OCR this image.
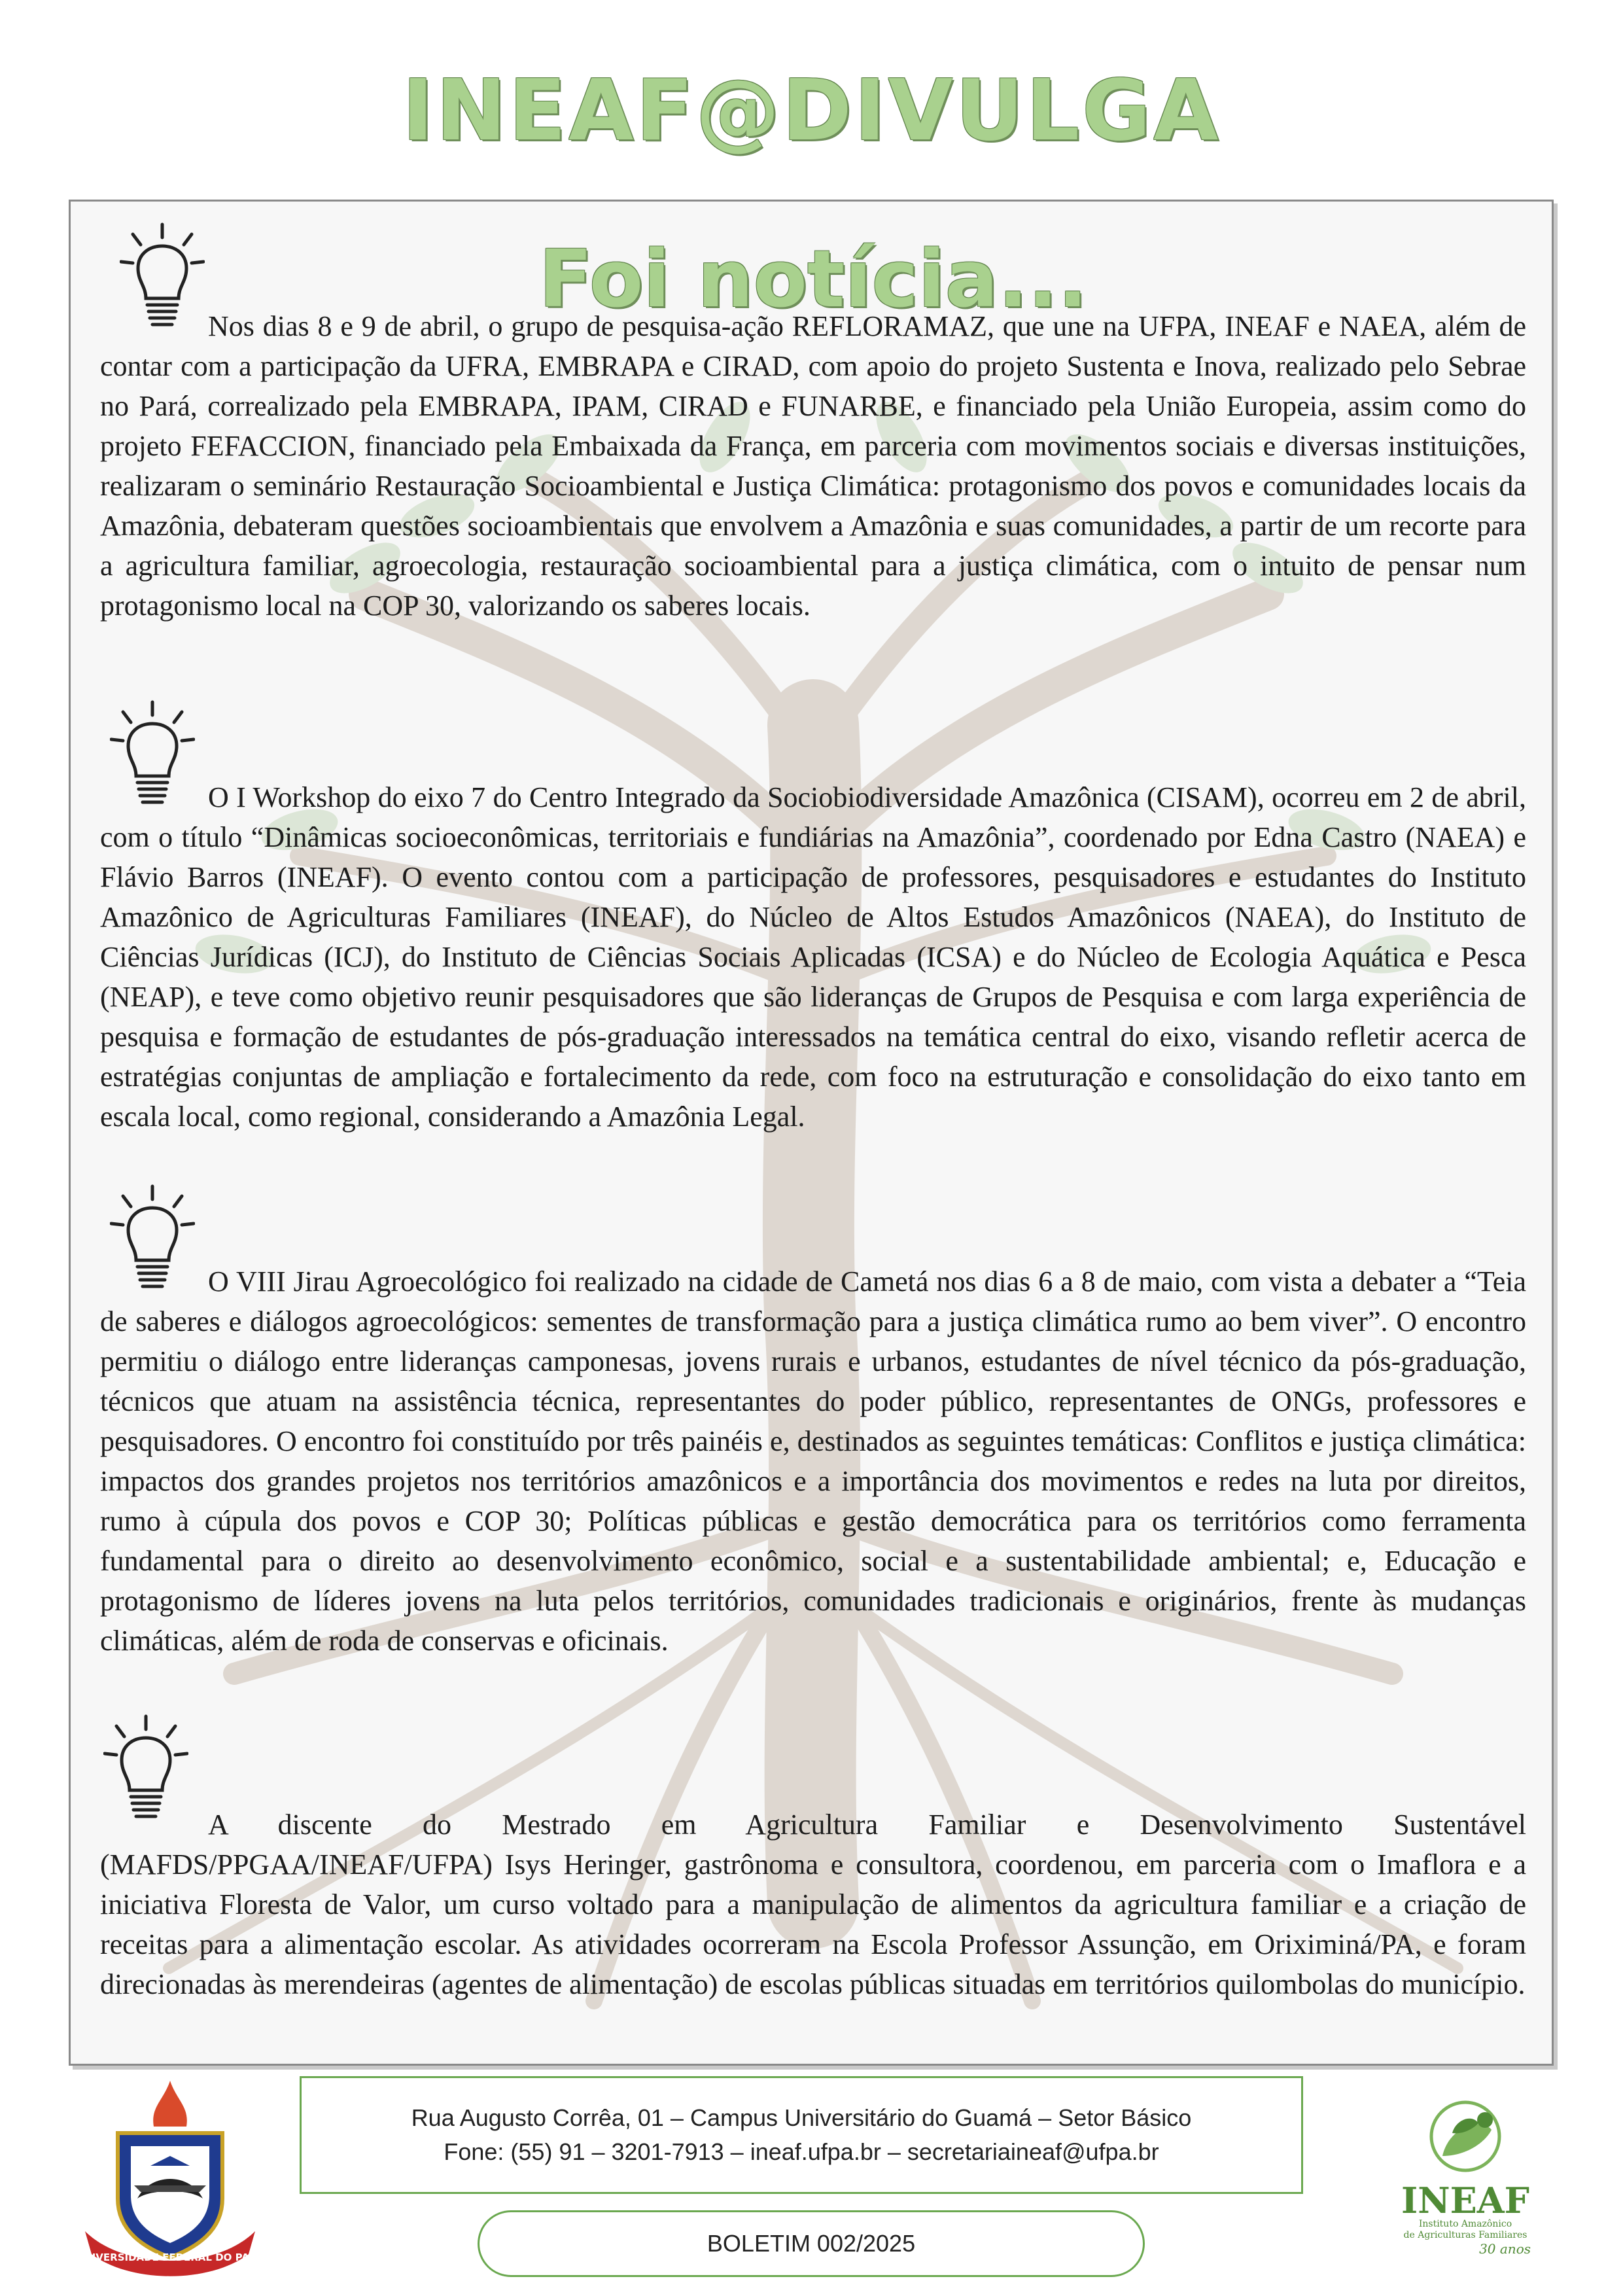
INEAF@DIVULGA
Foi notícia...
Nos dias 8 e 9 de abril, o grupo de pesquisa-ação REFLORAMAZ, que une na UFPA, INEAF e NAEA, além de contar com a participação da UFRA, EMBRAPA e CIRAD, com apoio do projeto Sustenta e Inova, realizado pelo Sebrae no Pará, correalizado pela EMBRAPA, IPAM, CIRAD e FUNARBE, e financiado pela União Europeia, assim como do projeto FEFACCION, financiado pela Embaixada da França, em parceria com movimentos sociais e diversas instituições, realizaram o seminário Restauração Socioambiental e Justiça Climática: protagonismo dos povos e comunidades locais da Amazônia, debateram questões socioambientais que envolvem a Amazônia e suas comunidades, a partir de um recorte para a agricultura familiar, agroecologia, restauração socioambiental para a justiça climática, com o intuito de pensar num protagonismo local na COP 30, valorizando os saberes locais.
O I Workshop do eixo 7 do Centro Integrado da Sociobiodiversidade Amazônica (CISAM), ocorreu em 2 de abril, com o título “Dinâmicas socioeconômicas, territoriais e fundiárias na Amazônia”, coordenado por Edna Castro (NAEA) e Flávio Barros (INEAF). O evento contou com a participação de professores, pesquisadores e estudantes do Instituto Amazônico de Agriculturas Familiares (INEAF), do Núcleo de Altos Estudos Amazônicos (NAEA), do Instituto de Ciências Jurídicas (ICJ), do Instituto de Ciências Sociais Aplicadas (ICSA) e do Núcleo de Ecologia Aquática e Pesca (NEAP), e teve como objetivo reunir pesquisadores que são lideranças de Grupos de Pesquisa e com larga experiência de pesquisa e formação de estudantes de pós-graduação interessados na temática central do eixo, visando refletir acerca de estratégias conjuntas de ampliação e fortalecimento da rede, com foco na estruturação e consolidação do eixo tanto em escala local, como regional, considerando a Amazônia Legal.
O VIII Jirau Agroecológico foi realizado na cidade de Cametá nos dias 6 a 8 de maio, com vista a debater a “Teia de saberes e diálogos agroecológicos: sementes de transformação para a justiça climática rumo ao bem viver”. O encontro permitiu o diálogo entre lideranças camponesas, jovens rurais e urbanos, estudantes de nível técnico da pós-graduação, técnicos que atuam na assistência técnica, representantes do poder público, representantes de ONGs, professores e pesquisadores. O encontro foi constituído por três painéis e, destinados as seguintes temáticas: Conflitos e justiça climática: impactos dos grandes projetos nos territórios amazônicos e a importância dos movimentos e redes na luta por direitos, rumo à cúpula dos povos e COP 30; Políticas públicas e gestão democrática para os territórios como ferramenta fundamental para o direito ao desenvolvimento econômico, social e a sustentabilidade ambiental; e, Educação e protagonismo de líderes jovens na luta pelos territórios, comunidades tradicionais e originários, frente às mudanças climáticas, além de roda de conservas e oficinais.
A discente do Mestrado em Agricultura Familiar e Desenvolvimento Sustentável (MAFDS/PPGAA/INEAF/UFPA) Isys Heringer, gastrônoma e consultora, coordenou, em parceria com o Imaflora e a iniciativa Floresta de Valor, um curso voltado para a manipulação de alimentos da agricultura familiar e a criação de receitas para a alimentação escolar. As atividades ocorreram na Escola Professor Assunção, em Oriximiná/PA, e foram direcionadas às merendeiras (agentes de alimentação) de escolas públicas situadas em territórios quilombolas do município.
UNIVERSIDADE FEDERAL DO PARÁ
Rua Augusto Corrêa, 01 – Campus Universitário do Guamá – Setor Básico
Fone: (55) 91 – 3201-7913 – ineaf.ufpa.br – secretariaineaf@ufpa.br
BOLETIM 002/2025
INEAF
Instituto Amazônico
de Agriculturas Familiares
30 anos
